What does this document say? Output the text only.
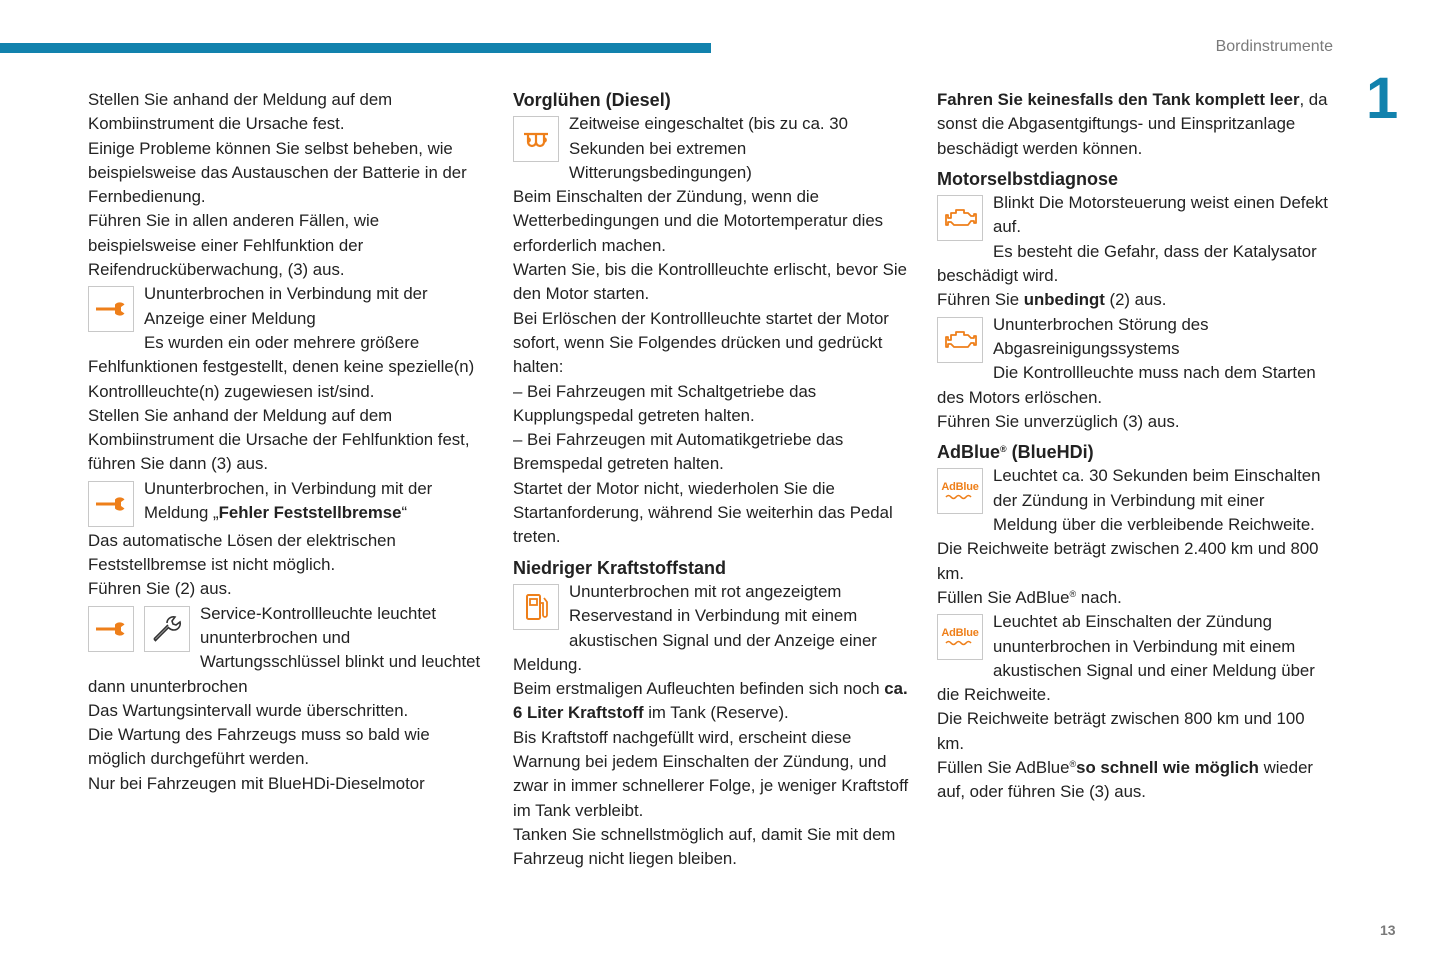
Bordinstrumente
1

Stellen Sie anhand der Meldung auf dem Kombiinstrument die Ursache fest.

Einige Probleme können Sie selbst beheben, wie beispielsweise das Austauschen der Batterie in der Fernbedienung.

Führen Sie in allen anderen Fällen, wie beispielsweise einer Fehlfunktion der Reifendrucküberwachung, (3) aus.

Ununterbrochen in Verbindung mit der Anzeige einer Meldung

Es wurden ein oder mehrere größere Fehlfunktionen festgestellt, denen keine spezielle(n) Kontrollleuchte(n) zugewiesen ist/sind.

Stellen Sie anhand der Meldung auf dem Kombiinstrument die Ursache der Fehlfunktion fest, führen Sie dann (3) aus.

Ununterbrochen, in Verbindung mit der Meldung „Fehler Feststellbremse“

Das automatische Lösen der elektrischen Feststellbremse ist nicht möglich.

Führen Sie (2) aus.

Service-Kontrollleuchte leuchtet ununterbrochen und Wartungsschlüssel blinkt und leuchtet dann ununterbrochen

Das Wartungsintervall wurde überschritten.

Die Wartung des Fahrzeugs muss so bald wie möglich durchgeführt werden.

Nur bei Fahrzeugen mit BlueHDi-Dieselmotor

Vorglühen (Diesel)

Zeitweise eingeschaltet (bis zu ca. 30 Sekunden bei extremen Witterungsbedingungen)

Beim Einschalten der Zündung, wenn die Wetterbedingungen und die Motortemperatur dies erforderlich machen.

Warten Sie, bis die Kontrollleuchte erlischt, bevor Sie den Motor starten.

Bei Erlöschen der Kontrollleuchte startet der Motor sofort, wenn Sie Folgendes drücken und gedrückt halten:

– Bei Fahrzeugen mit Schaltgetriebe das Kupplungspedal getreten halten.

– Bei Fahrzeugen mit Automatikgetriebe das Bremspedal getreten halten.

Startet der Motor nicht, wiederholen Sie die Startanforderung, während Sie weiterhin das Pedal treten.

Niedriger Kraftstoffstand

Ununterbrochen mit rot angezeigtem Reservestand in Verbindung mit einem akustischen Signal und der Anzeige einer Meldung.

Beim erstmaligen Aufleuchten befinden sich noch ca. 6 Liter Kraftstoff im Tank (Reserve).

Bis Kraftstoff nachgefüllt wird, erscheint diese Warnung bei jedem Einschalten der Zündung, und zwar in immer schnellerer Folge, je weniger Kraftstoff im Tank verbleibt.

Tanken Sie schnellstmöglich auf, damit Sie mit dem Fahrzeug nicht liegen bleiben.

Fahren Sie keinesfalls den Tank komplett leer, da sonst die Abgasentgiftungs- und Einspritzanlage beschädigt werden können.

Motorselbstdiagnose

Blinkt Die Motorsteuerung weist einen Defekt auf.

Es besteht die Gefahr, dass der Katalysator beschädigt wird.

Führen Sie unbedingt (2) aus.

Ununterbrochen Störung des Abgasreinigungssystems

Die Kontrollleuchte muss nach dem Starten des Motors erlöschen.

Führen Sie unverzüglich (3) aus.

AdBlue® (BlueHDi)
AdBlue

Leuchtet ca. 30 Sekunden beim Einschalten der Zündung in Verbindung mit einer Meldung über die verbleibende Reichweite.

Die Reichweite beträgt zwischen 2.400 km und 800 km.

Füllen Sie AdBlue® nach.

AdBlue

Leuchtet ab Einschalten der Zündung ununterbrochen in Verbindung mit einem akustischen Signal und einer Meldung über die Reichweite.

Die Reichweite beträgt zwischen 800 km und 100 km.

Füllen Sie AdBlue®so schnell wie möglich wieder auf, oder führen Sie (3) aus.

13
